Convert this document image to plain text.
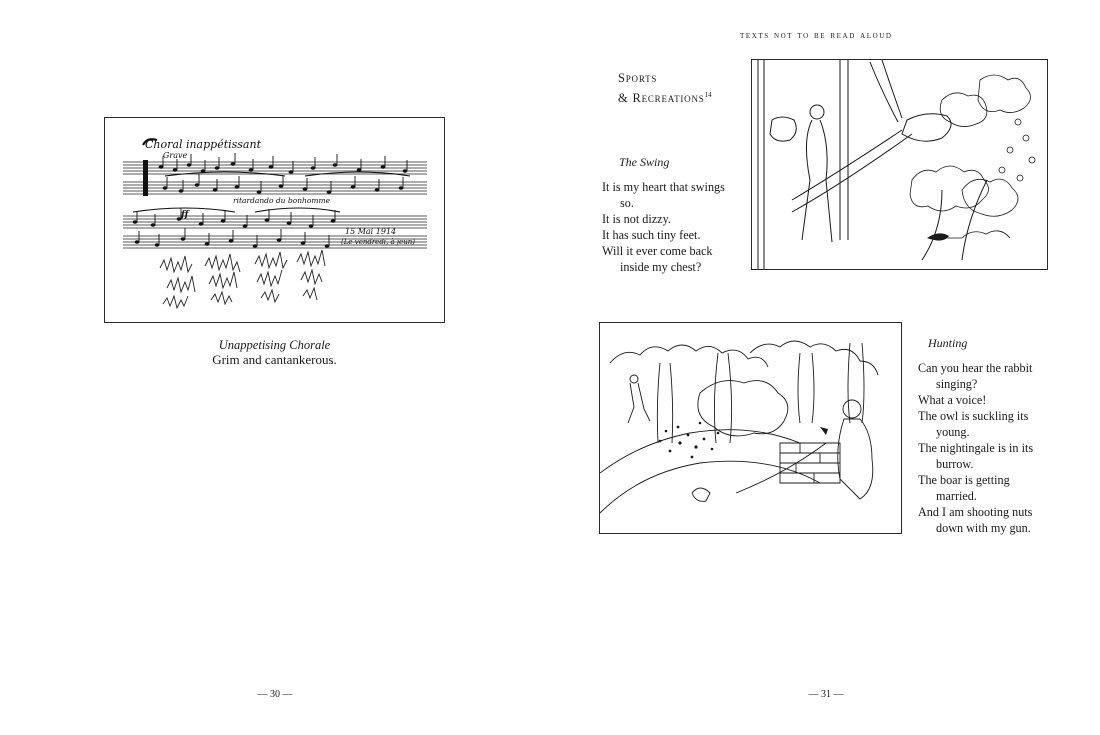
texts not to be read aloud
Choral inappétissant
Grave
ritardando du bonhomme
ff
15 Mai 1914
(Le vendredi, à jeun)
Unappetising Chorale
Grim and cantankerous.
— 30 —
Sports
& Recreations$^{14}$
The Swing
It is my heart that swings
so.
It is not dizzy.
It has such tiny feet.
Will it ever come back
inside my chest?
Hunting
Can you hear the rabbit
singing?
What a voice!
The owl is suckling its
young.
The nightingale is in its
burrow.
The boar is getting
married.
And I am shooting nuts
down with my gun.
— 31 —
